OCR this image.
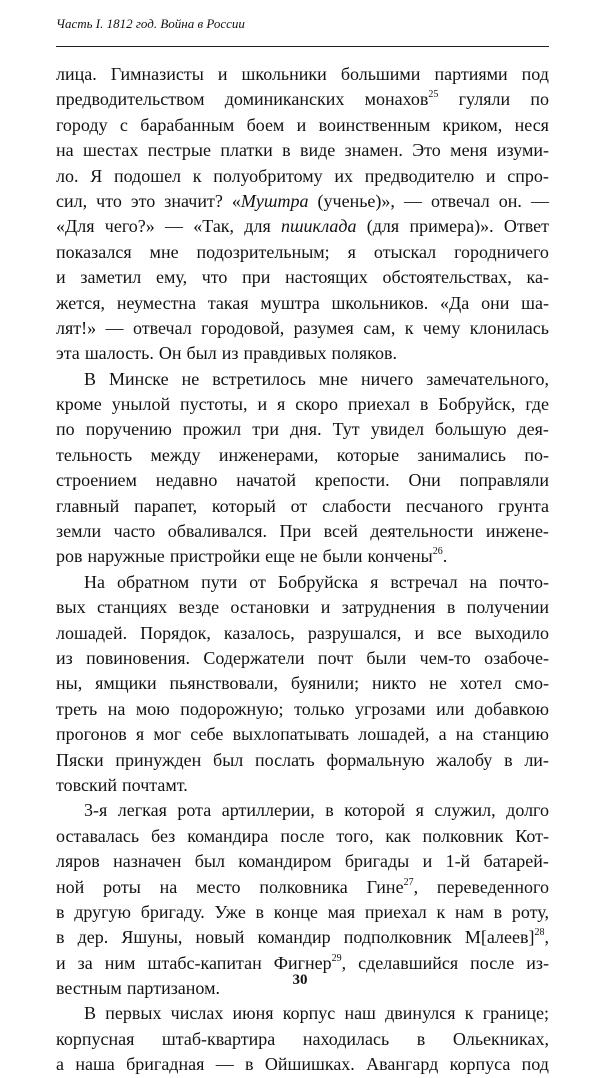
Часть I. 1812 год. Война в России
лица. Гимназисты и школьники большими партиями под
предводительством доминиканских монахов$^{25}$ гуляли по
городу с барабанным боем и воинственным криком, неся
на шестах пестрые платки в виде знамен. Это меня изуми-
ло. Я подошел к полуобритому их предводителю и спро-
сил, что это значит? «Муштра (ученье)», — отвечал он. —
«Для чего?» — «Так, для пшиклада (для примера)». Ответ
показался мне подозрительным; я отыскал городничего
и заметил ему, что при настоящих обстоятельствах, ка-
жется, неуместна такая муштра школьников. «Да они ша-
лят!» — отвечал городовой, разумея сам, к чему клонилась
эта шалость. Он был из правдивых поляков.
В Минске не встретилось мне ничего замечательного,
кроме унылой пустоты, и я скоро приехал в Бобруйск, где
по поручению прожил три дня. Тут увидел большую дея-
тельность между инженерами, которые занимались по-
строением недавно начатой крепости. Они поправляли
главный парапет, который от слабости песчаного грунта
земли часто обваливался. При всей деятельности инжене-
ров наружные пристройки еще не были кончены$^{26}$.
На обратном пути от Бобруйска я встречал на почто-
вых станциях везде остановки и затруднения в получении
лошадей. Порядок, казалось, разрушался, и все выходило
из повиновения. Содержатели почт были чем-то озабоче-
ны, ямщики пьянствовали, буянили; никто не хотел смо-
треть на мою подорожную; только угрозами или добавкою
прогонов я мог себе выхлопатывать лошадей, а на станцию
Пяски принужден был послать формальную жалобу в ли-
товский почтамт.
3-я легкая рота артиллерии, в которой я служил, долго
оставалась без командира после того, как полковник Кот-
ляров назначен был командиром бригады и 1-й батарей-
ной роты на место полковника Гине$^{27}$, переведенного
в другую бригаду. Уже в конце мая приехал к нам в роту,
в дер. Яшуны, новый командир подполковник М[алеев]$^{28}$,
и за ним штабс-капитан Фигнер$^{29}$, сделавшийся после из-
вестным партизаном.
В первых числах июня корпус наш двинулся к границе;
корпусная штаб-квартира находилась в Ольекниках,
а наша бригадная — в Ойшишках. Авангард корпуса под
30
